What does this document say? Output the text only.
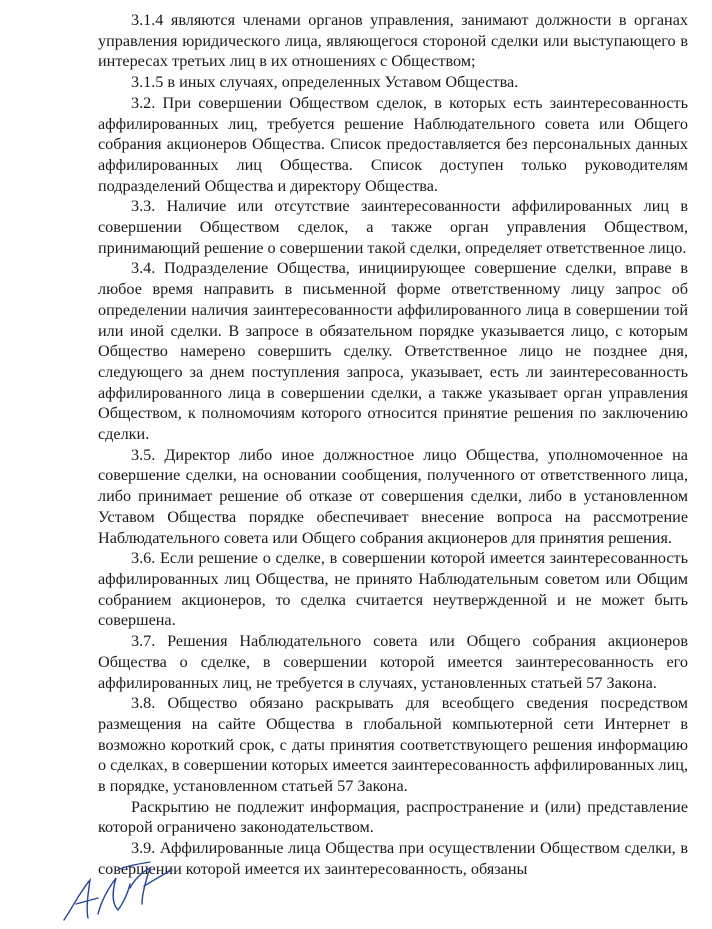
3.1.4 являются членами органов управления, занимают должности в органах управления юридического лица, являющегося стороной сделки или выступающего в интересах третьих лиц в их отношениях с Обществом;

3.1.5 в иных случаях, определенных Уставом Общества.

3.2. При совершении Обществом сделок, в которых есть заинтересованность аффилированных лиц, требуется решение Наблюдательного совета или Общего собрания акционеров Общества. Список предоставляется без персональных данных аффилированных лиц Общества. Список доступен только руководителям подразделений Общества и директору Общества.

3.3. Наличие или отсутствие заинтересованности аффилированных лиц в совершении Обществом сделок, а также орган управления Обществом, принимающий решение о совершении такой сделки, определяет ответственное лицо.

3.4. Подразделение Общества, инициирующее совершение сделки, вправе в любое время направить в письменной форме ответственному лицу запрос об определении наличия заинтересованности аффилированного лица в совершении той или иной сделки. В запросе в обязательном порядке указывается лицо, с которым Общество намерено совершить сделку. Ответственное лицо не позднее дня, следующего за днем поступления запроса, указывает, есть ли заинтересованность аффилированного лица в совершении сделки, а также указывает орган управления Обществом, к полномочиям которого относится принятие решения по заключению сделки.

3.5. Директор либо иное должностное лицо Общества, уполномоченное на совершение сделки, на основании сообщения, полученного от ответственного лица, либо принимает решение об отказе от совершения сделки, либо в установленном Уставом Общества порядке обеспечивает внесение вопроса на рассмотрение Наблюдательного совета или Общего собрания акционеров для принятия решения.

3.6. Если решение о сделке, в совершении которой имеется заинтересованность аффилированных лиц Общества, не принято Наблюдательным советом или Общим собранием акционеров, то сделка считается неутвержденной и не может быть совершена.

3.7. Решения Наблюдательного совета или Общего собрания акционеров Общества о сделке, в совершении которой имеется заинтересованность его аффилированных лиц, не требуется в случаях, установленных статьей 57 Закона.

3.8. Общество обязано раскрывать для всеобщего сведения посредством размещения на сайте Общества в глобальной компьютерной сети Интернет в возможно короткий срок, с даты принятия соответствующего решения информацию о сделках, в совершении которых имеется заинтересованность аффилированных лиц, в порядке, установленном статьей 57 Закона.

Раскрытию не подлежит информация, распространение и (или) представление которой ограничено законодательством.

3.9. Аффилированные лица Общества при осуществлении Обществом сделки, в совершении которой имеется их заинтересованность, обязаны
